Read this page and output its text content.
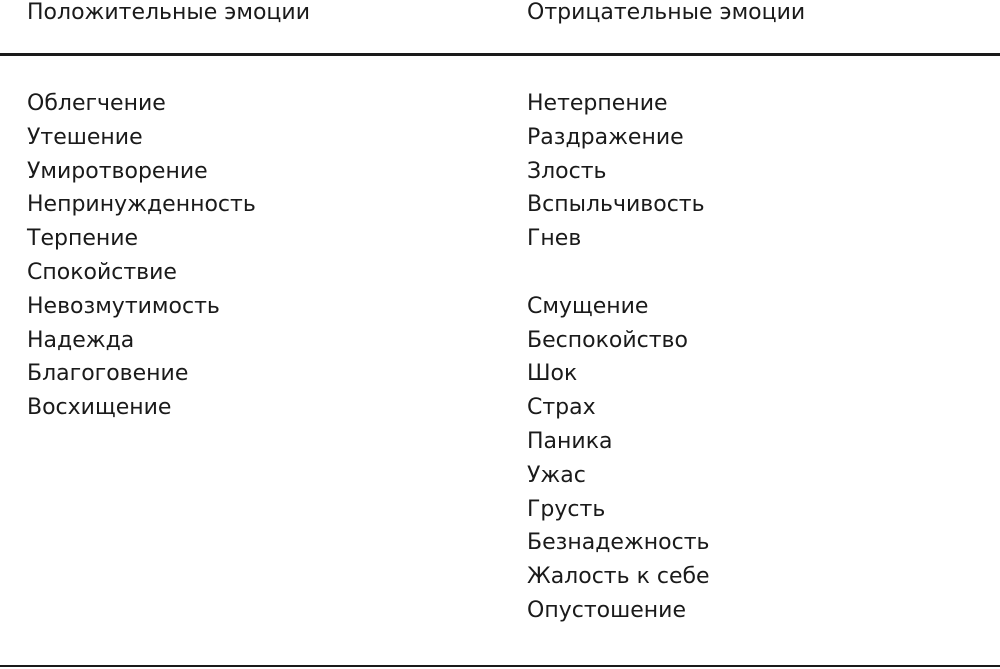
Положительные эмоции	Отрицательные эмоции
Облегчение
Утешение
Умиротворение
Непринужденность
Терпение
Спокойствие
Невозмутимость
Надежда
Благоговение
Восхищение
Нетерпение
Раздражение
Злость
Вспыльчивость
Гнев
Смущение
Беспокойство
Шок
Страх
Паника
Ужас
Грусть
Безнадежность
Жалость к себе
Опустошение
